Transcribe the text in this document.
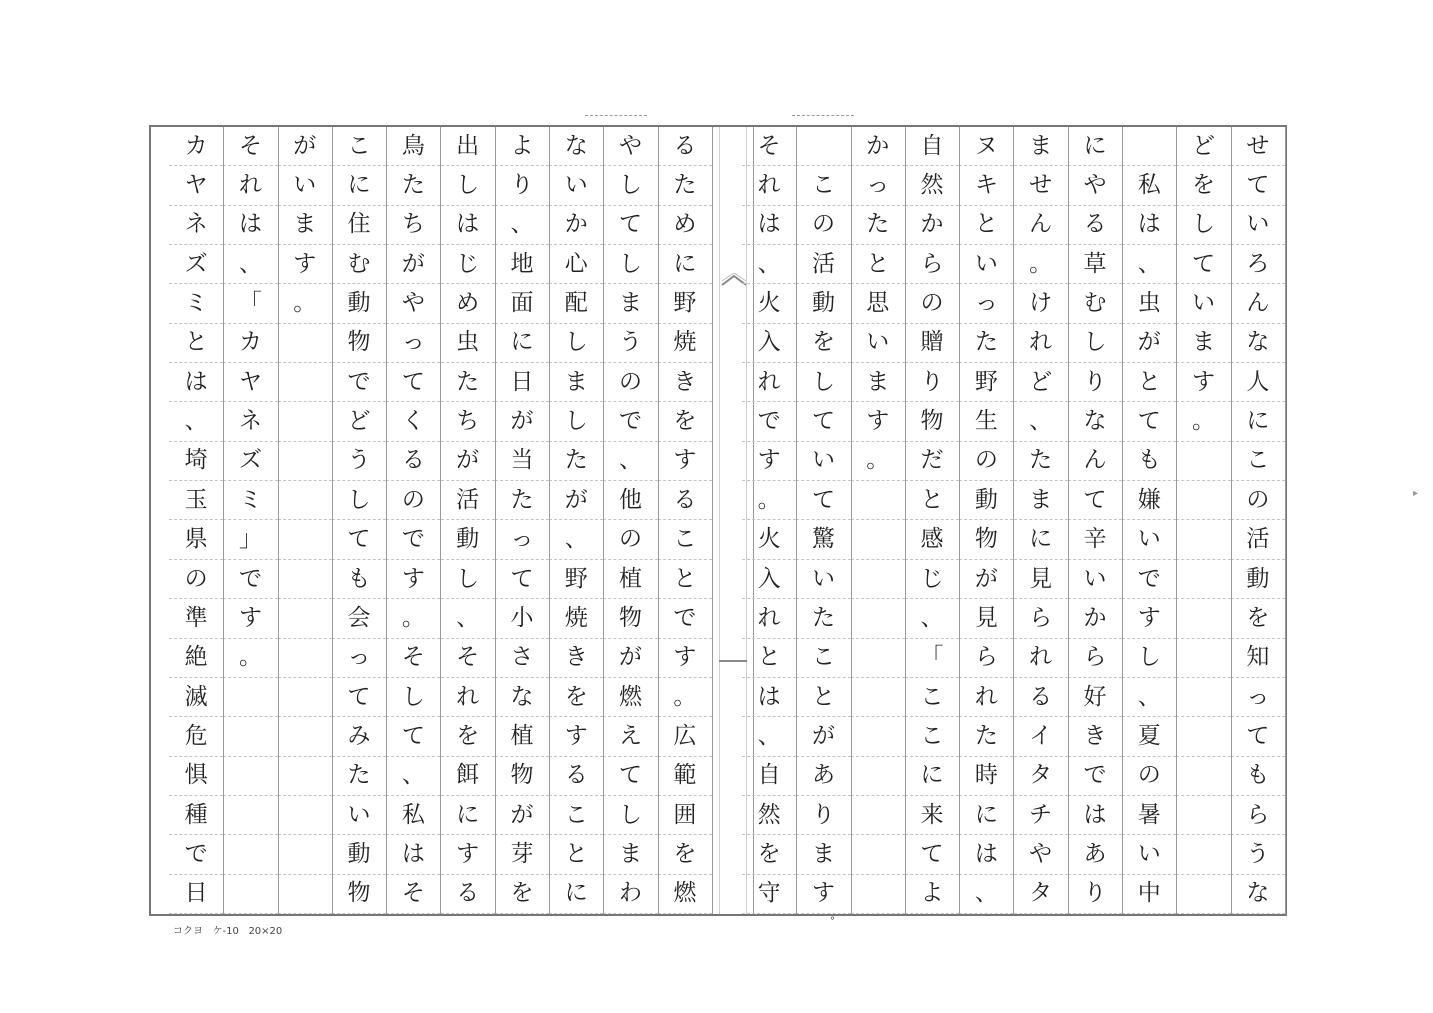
せ
て
い
ろ
ん
な
人
に
こ
の
活
動
を
知
っ
て
も
ら
う
な
ど
を
し
て
い
ま
す
。
私
は
、
虫
が
と
て
も
嫌
い
で
す
し
、
夏
の
暑
い
中
に
や
る
草
む
し
り
な
ん
て
辛
い
か
ら
好
き
で
は
あ
り
ま
せ
ん
。
け
れ
ど
、
た
ま
に
見
ら
れ
る
イ
タ
チ
や
タ
ヌ
キ
と
い
っ
た
野
生
の
動
物
が
見
ら
れ
た
時
に
は
、
自
然
か
ら
の
贈
り
物
だ
と
感
じ
、
「
こ
こ
に
来
て
よ
か
っ
た
と
思
い
ま
す
。
こ
の
活
動
を
し
て
い
て
驚
い
た
こ
と
が
あ
り
ま
す
そ
れ
は
、
火
入
れ
で
す
。
火
入
れ
と
は
、
自
然
を
守
る
た
め
に
野
焼
き
を
す
る
こ
と
で
す
。
広
範
囲
を
燃
や
し
て
し
ま
う
の
で
、
他
の
植
物
が
燃
え
て
し
ま
わ
な
い
か
心
配
し
ま
し
た
が
、
野
焼
き
を
す
る
こ
と
に
よ
り
、
地
面
に
日
が
当
た
っ
て
小
さ
な
植
物
が
芽
を
出
し
は
じ
め
虫
た
ち
が
活
動
し
、
そ
れ
を
餌
に
す
る
鳥
た
ち
が
や
っ
て
く
る
の
で
す
。
そ
し
て
、
私
は
そ
こ
に
住
む
動
物
で
ど
う
し
て
も
会
っ
て
み
た
い
動
物
が
い
ま
す
。
そ
れ
は
、
「
カ
ヤ
ネ
ズ
ミ
」
で
す
。
カ
ヤ
ネ
ズ
ミ
と
は
、
埼
玉
県
の
準
絶
滅
危
惧
種
で
日
°
▸
コクヨ ケ-10 20×20
